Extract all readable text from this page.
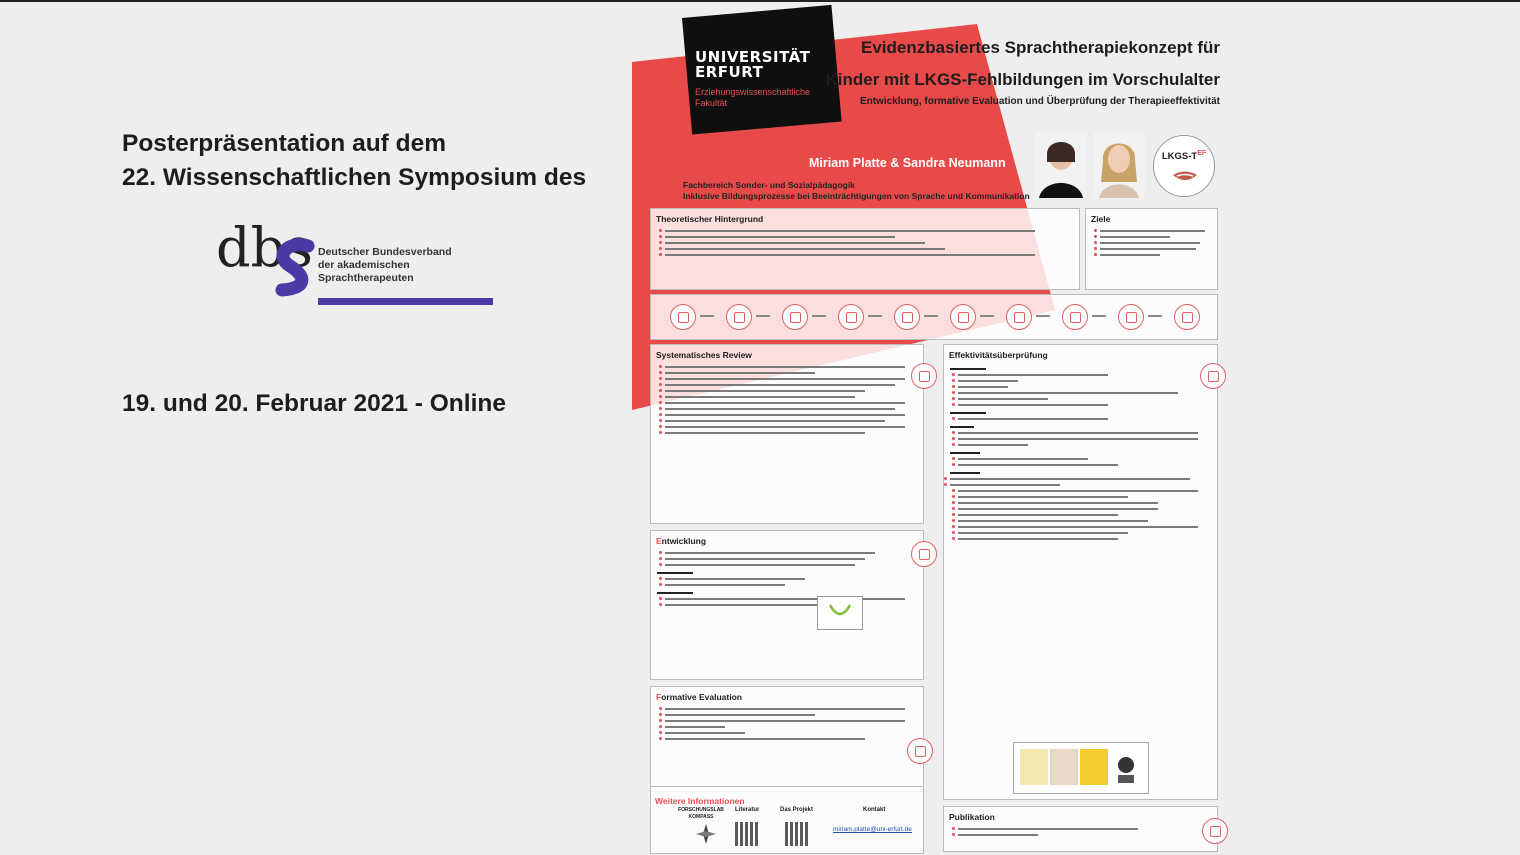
Posterpräsentation auf dem
22. Wissenschaftlichen Symposium des
dbs Deutscher Bundesverband
der akademischen
Sprachtherapeuten
19. und 20. Februar 2021 - Online
UNIVERSITÄT
ERFURT
Erziehungswissenschaftliche
Fakultät
Evidenzbasiertes Sprachtherapiekonzept für
Kinder mit LKGS-Fehlbildungen im Vorschulalter
Entwicklung, formative Evaluation und Überprüfung der Therapieeffektivität
Miriam Platte & Sandra Neumann
Fachbereich Sonder- und Sozialpädagogik
Inklusive Bildungsprozesse bei Beeinträchtigungen von Sprache und Kommunikation
LKGS-$T^{EF}$
Theoretischer Hintergrund	Ziele
Systematisches Review
Entwicklung
Formative Evaluation
Weitere Informationen
FORSCHUNGSLAB KOMPASS
Literatur	Das Projekt	Kontakt
miriam.platte@uni-erfurt.de
Effektivitätsüberprüfung
Publikation
